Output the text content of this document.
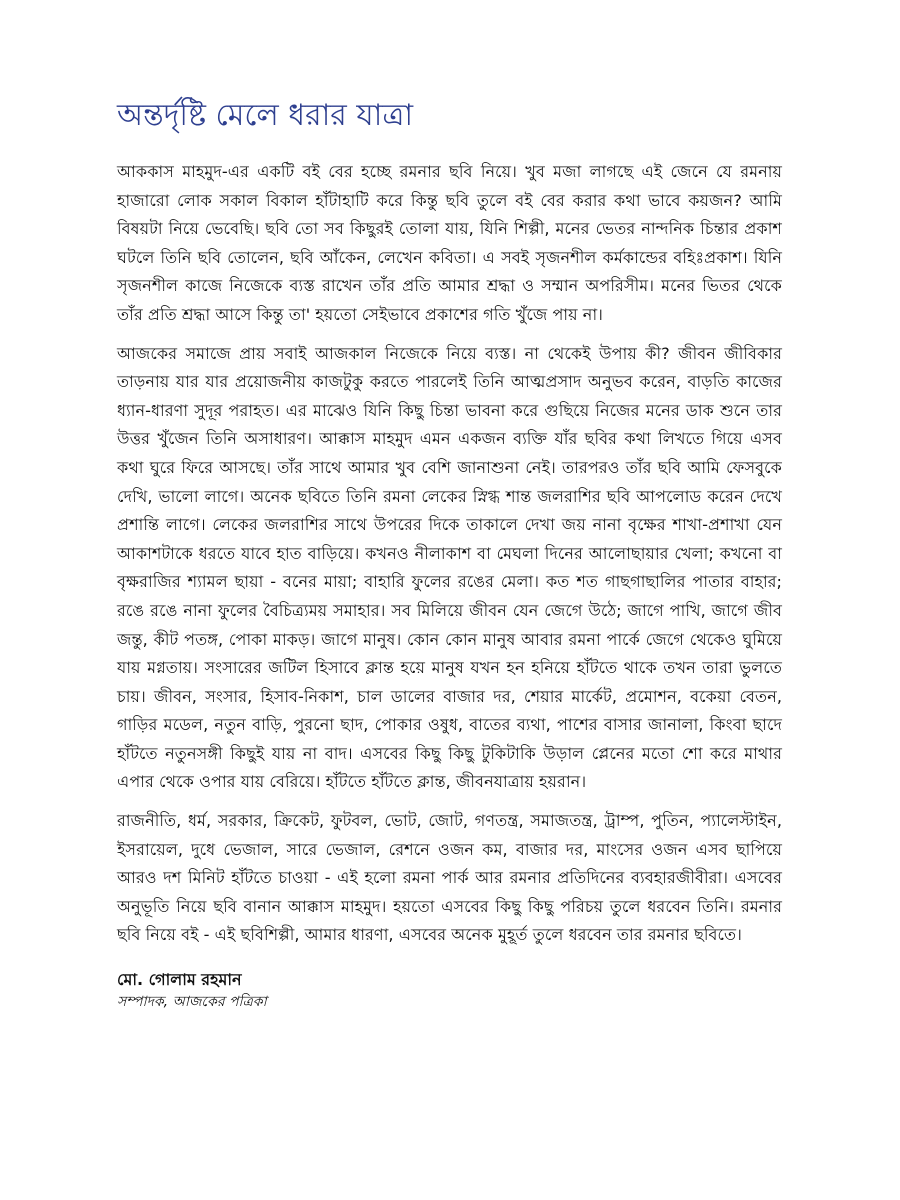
অন্তর্দৃষ্টি মেলে ধরার যাত্রা

আককাস মাহমুদ-এর একটি বই বের হচ্ছে রমনার ছবি নিয়ে। খুব মজা লাগছে এই জেনে যে রমনায় হাজারো লোক সকাল বিকাল হাঁটাহাটি করে কিন্তু ছবি তুলে বই বের করার কথা ভাবে কয়জন? আমি বিষয়টা নিয়ে ভেবেছি। ছবি তো সব কিছুরই তোলা যায়, যিনি শিল্পী, মনের ভেতর নান্দনিক চিন্তার প্রকাশ ঘটলে তিনি ছবি তোলেন, ছবি আঁকেন, লেখেন কবিতা। এ সবই সৃজনশীল কর্মকান্ডের বহিঃপ্রকাশ। যিনি সৃজনশীল কাজে নিজেকে ব্যস্ত রাখেন তাঁর প্রতি আমার শ্রদ্ধা ও সম্মান অপরিসীম। মনের ভিতর থেকে তাঁর প্রতি শ্রদ্ধা আসে কিন্তু তা' হয়তো সেইভাবে প্রকাশের গতি খুঁজে পায় না।

আজকের সমাজে প্রায় সবাই আজকাল নিজেকে নিয়ে ব্যস্ত। না থেকেই উপায় কী? জীবন জীবিকার তাড়নায় যার যার প্রয়োজনীয় কাজটুকু করতে পারলেই তিনি আত্মপ্রসাদ অনুভব করেন, বাড়তি কাজের ধ্যান-ধারণা সুদূর পরাহত। এর মাঝেও যিনি কিছু চিন্তা ভাবনা করে গুছিয়ে নিজের মনের ডাক শুনে তার উত্তর খুঁজেন তিনি অসাধারণ। আক্কাস মাহমুদ এমন একজন ব্যক্তি যাঁর ছবির কথা লিখতে গিয়ে এসব কথা ঘুরে ফিরে আসছে। তাঁর সাথে আমার খুব বেশি জানাশুনা নেই। তারপরও তাঁর ছবি আমি ফেসবুকে দেখি, ভালো লাগে। অনেক ছবিতে তিনি রমনা লেকের স্নিগ্ধ শান্ত জলরাশির ছবি আপলোড করেন দেখে প্রশান্তি লাগে। লেকের জলরাশির সাথে উপরের দিকে তাকালে দেখা জয় নানা বৃক্ষের শাখা-প্রশাখা যেন আকাশটাকে ধরতে যাবে হাত বাড়িয়ে। কখনও নীলাকাশ বা মেঘলা দিনের আলোছায়ার খেলা; কখনো বা বৃক্ষরাজির শ্যামল ছায়া - বনের মায়া; বাহারি ফুলের রঙের মেলা। কত শত গাছগাছালির পাতার বাহার; রঙে রঙে নানা ফুলের বৈচিত্র্যময় সমাহার। সব মিলিয়ে জীবন যেন জেগে উঠে; জাগে পাখি, জাগে জীব জন্তু, কীট পতঙ্গ, পোকা মাকড়। জাগে মানুষ। কোন কোন মানুষ আবার রমনা পার্কে জেগে থেকেও ঘুমিয়ে যায় মগ্নতায়। সংসারের জটিল হিসাবে ক্লান্ত হয়ে মানুষ যখন হন হনিয়ে হাঁটতে থাকে তখন তারা ভুলতে চায়। জীবন, সংসার, হিসাব-নিকাশ, চাল ডালের বাজার দর, শেয়ার মার্কেট, প্রমোশন, বকেয়া বেতন, গাড়ির মডেল, নতুন বাড়ি, পুরনো ছাদ, পোকার ওষুধ, বাতের ব্যথা, পাশের বাসার জানালা, কিংবা ছাদে হাঁটতে নতুনসঙ্গী কিছুই যায় না বাদ। এসবের কিছু কিছু টুকিটাকি উড়াল প্লেনের মতো শো করে মাথার এপার থেকে ওপার যায় বেরিয়ে। হাঁটতে হাঁটতে ক্লান্ত, জীবনযাত্রায় হয়রান।

রাজনীতি, ধর্ম, সরকার, ক্রিকেট, ফুটবল, ভোট, জোট, গণতন্ত্র, সমাজতন্ত্র, ট্রাম্প, পুতিন, প্যালেস্টাইন, ইসরায়েল, দুধে ভেজাল, সারে ভেজাল, রেশনে ওজন কম, বাজার দর, মাংসের ওজন এসব ছাপিয়ে আরও দশ মিনিট হাঁটতে চাওয়া - এই হলো রমনা পার্ক আর রমনার প্রতিদিনের ব্যবহারজীবীরা। এসবের অনুভূতি নিয়ে ছবি বানান আক্কাস মাহমুদ। হয়তো এসবের কিছু কিছু পরিচয় তুলে ধরবেন তিনি। রমনার ছবি নিয়ে বই - এই ছবিশিল্পী, আমার ধারণা, এসবের অনেক মুহূর্ত তুলে ধরবেন তার রমনার ছবিতে।

মো. গোলাম রহমান
সম্পাদক, আজকের পত্রিকা
